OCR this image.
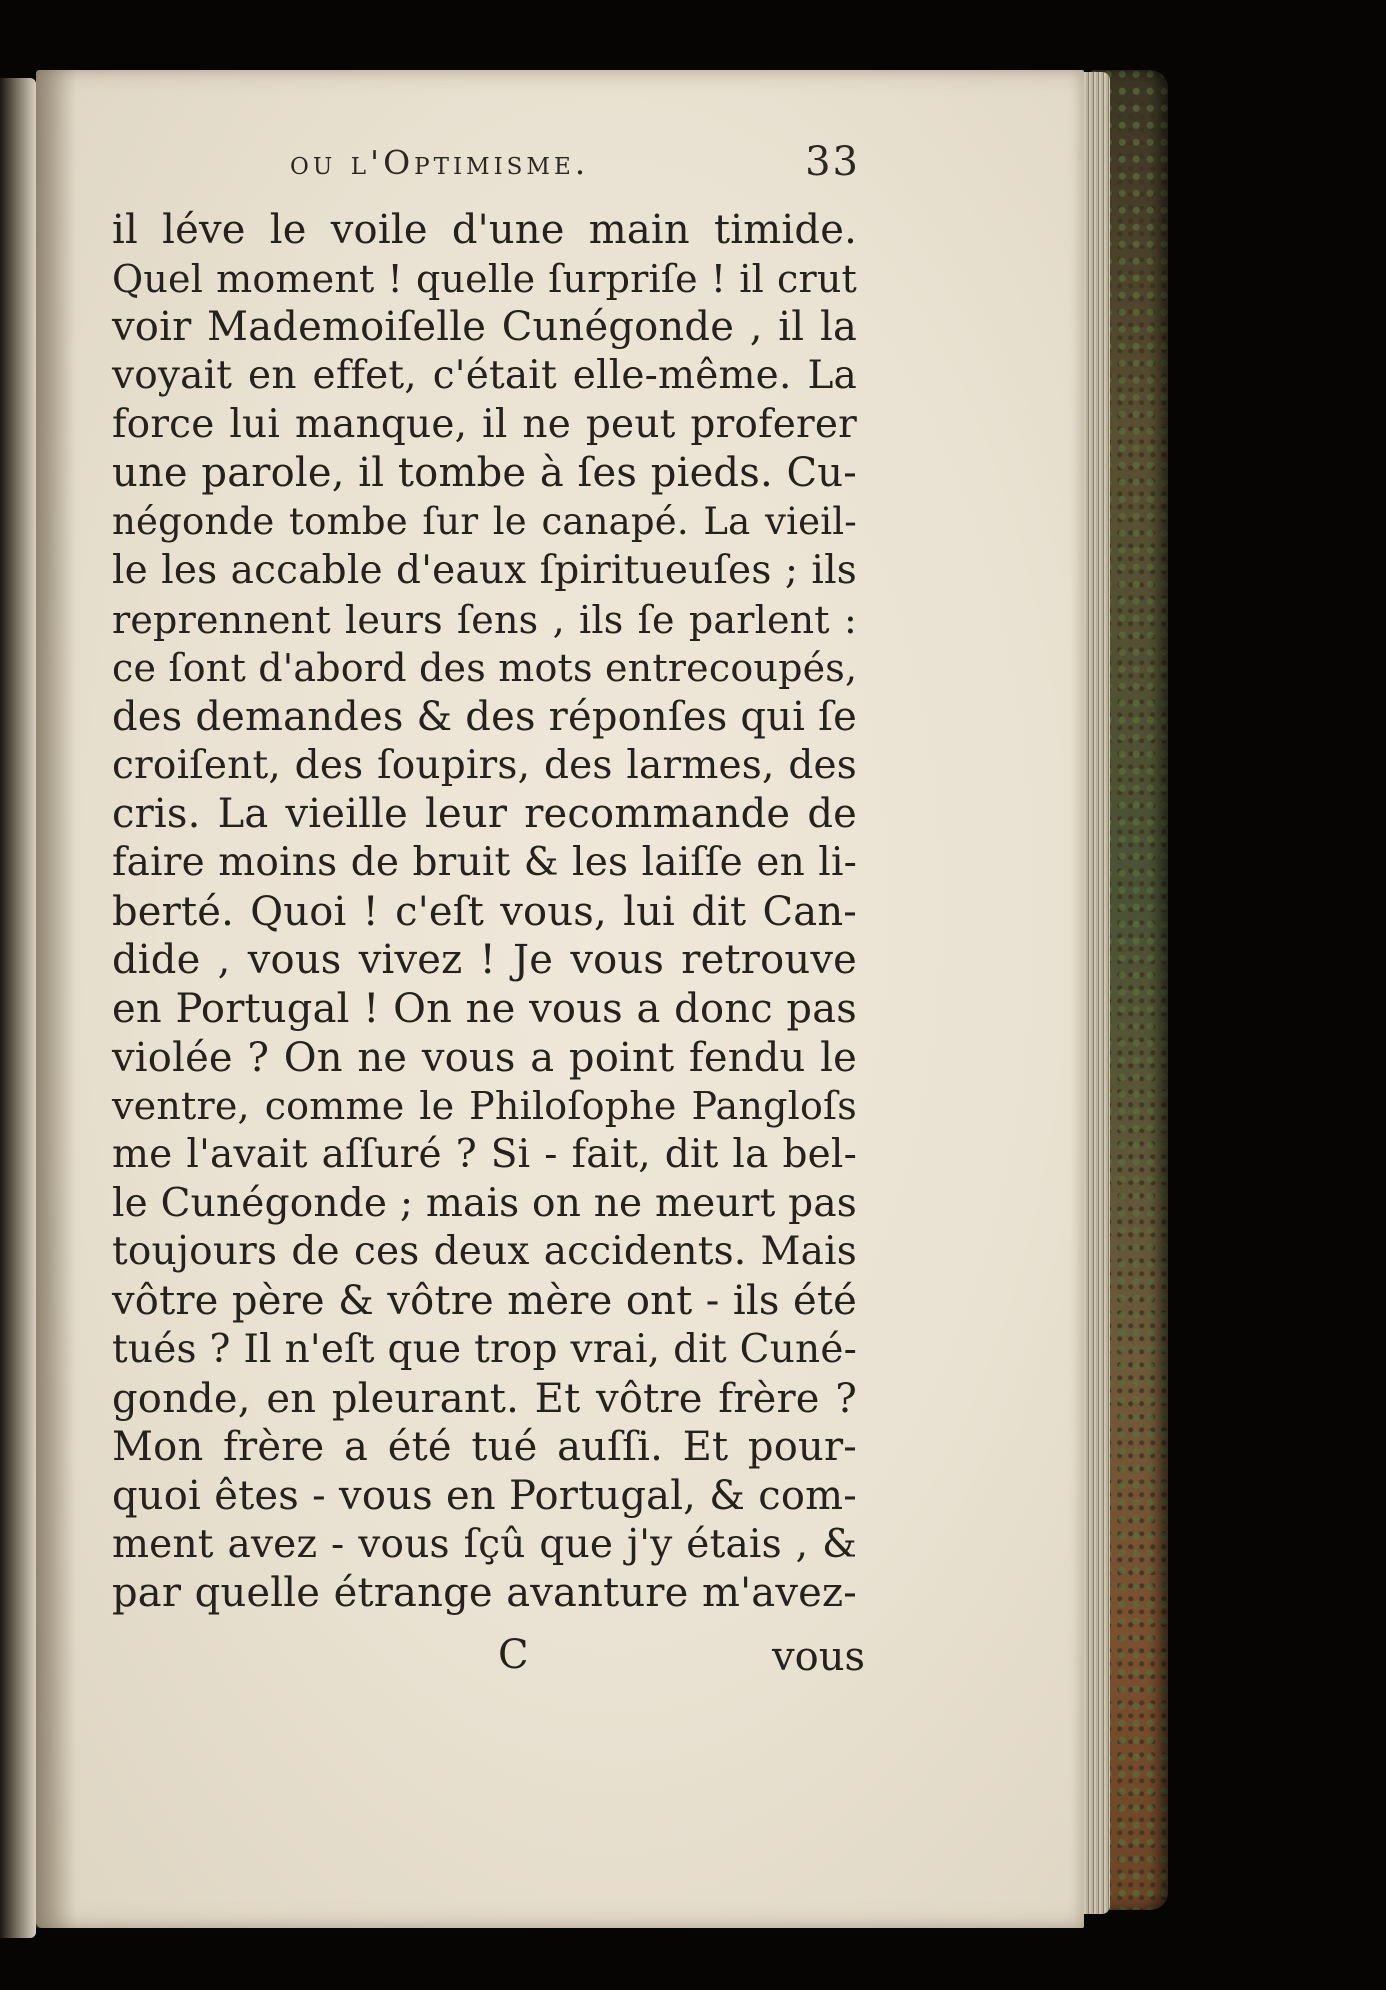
ou l'Optimisme.	33
il léve le voile d'une main timide.
Quel moment ! quelle ſurpriſe ! il crut
voir Mademoiſelle Cunégonde , il la
voyait en effet, c'était elle-même. La
force lui manque, il ne peut proferer
une parole, il tombe à ſes pieds. Cu-
négonde tombe ſur le canapé. La vieil-
le les accable d'eaux ſpiritueuſes ; ils
reprennent leurs ſens , ils ſe parlent :
ce ſont d'abord des mots entrecoupés,
des demandes & des réponſes qui ſe
croiſent, des ſoupirs, des larmes, des
cris. La vieille leur recommande de
faire moins de bruit & les laiſſe en li-
berté. Quoi ! c'eſt vous, lui dit Can-
dide , vous vivez ! Je vous retrouve
en Portugal ! On ne vous a donc pas
violée ? On ne vous a point fendu le
ventre, comme le Philoſophe Pangloſs
me l'avait aſſuré ? Si - fait, dit la bel-
le Cunégonde ; mais on ne meurt pas
toujours de ces deux accidents. Mais
vôtre père & vôtre mère ont - ils été
tués ? Il n'eſt que trop vrai, dit Cuné-
gonde, en pleurant. Et vôtre frère ?
Mon frère a été tué auſſi. Et pour-
quoi êtes - vous en Portugal, & com-
ment avez - vous ſçû que j'y étais , &
par quelle étrange avanture m'avez-
C	vous
